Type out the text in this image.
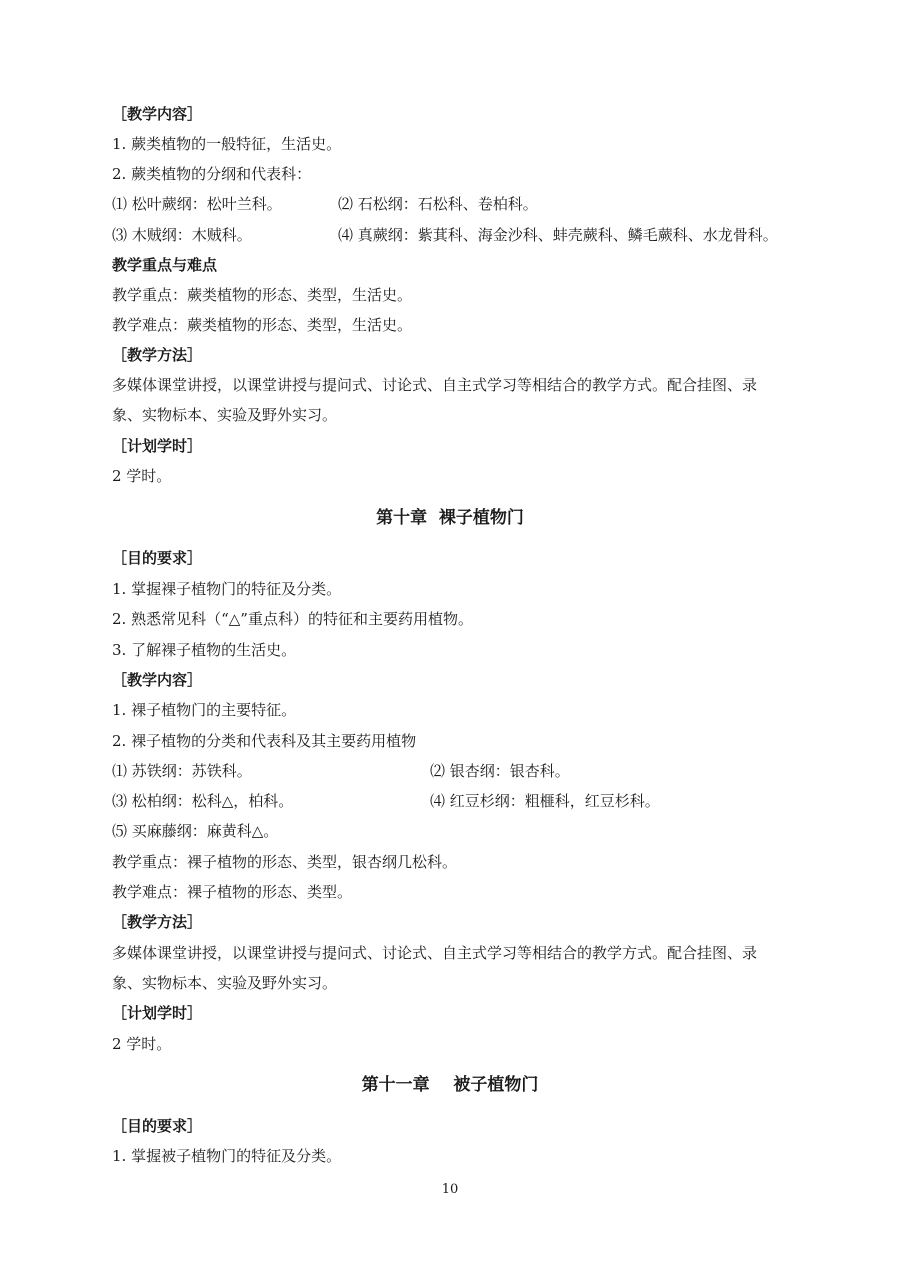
［教学内容］
1. 蕨类植物的一般特征，生活史。
2. 蕨类植物的分纲和代表科：
⑴ 松叶蕨纲：松叶兰科。	⑵ 石松纲：石松科、卷柏科。
⑶ 木贼纲：木贼科。	⑷ 真蕨纲：紫萁科、海金沙科、蚌壳蕨科、鳞毛蕨科、水龙骨科。
教学重点与难点
教学重点：蕨类植物的形态、类型，生活史。
教学难点：蕨类植物的形态、类型，生活史。
［教学方法］
多媒体课堂讲授，以课堂讲授与提问式、讨论式、自主式学习等相结合的教学方式。配合挂图、录
象、实物标本、实验及野外实习。
［计划学时］
2 学时。
第十章  裸子植物门
［目的要求］
1. 掌握裸子植物门的特征及分类。
2. 熟悉常见科（“△”重点科）的特征和主要药用植物。
3. 了解裸子植物的生活史。
［教学内容］
1. 裸子植物门的主要特征。
2. 裸子植物的分类和代表科及其主要药用植物
⑴ 苏铁纲：苏铁科。	⑵ 银杏纲：银杏科。
⑶ 松柏纲：松科△，柏科。	⑷ 红豆杉纲：粗榧科，红豆杉科。
⑸ 买麻藤纲：麻黄科△。
教学重点：裸子植物的形态、类型，银杏纲几松科。
教学难点：裸子植物的形态、类型。
［教学方法］
多媒体课堂讲授，以课堂讲授与提问式、讨论式、自主式学习等相结合的教学方式。配合挂图、录
象、实物标本、实验及野外实习。
［计划学时］
2 学时。
第十一章    被子植物门
［目的要求］
1. 掌握被子植物门的特征及分类。
10
